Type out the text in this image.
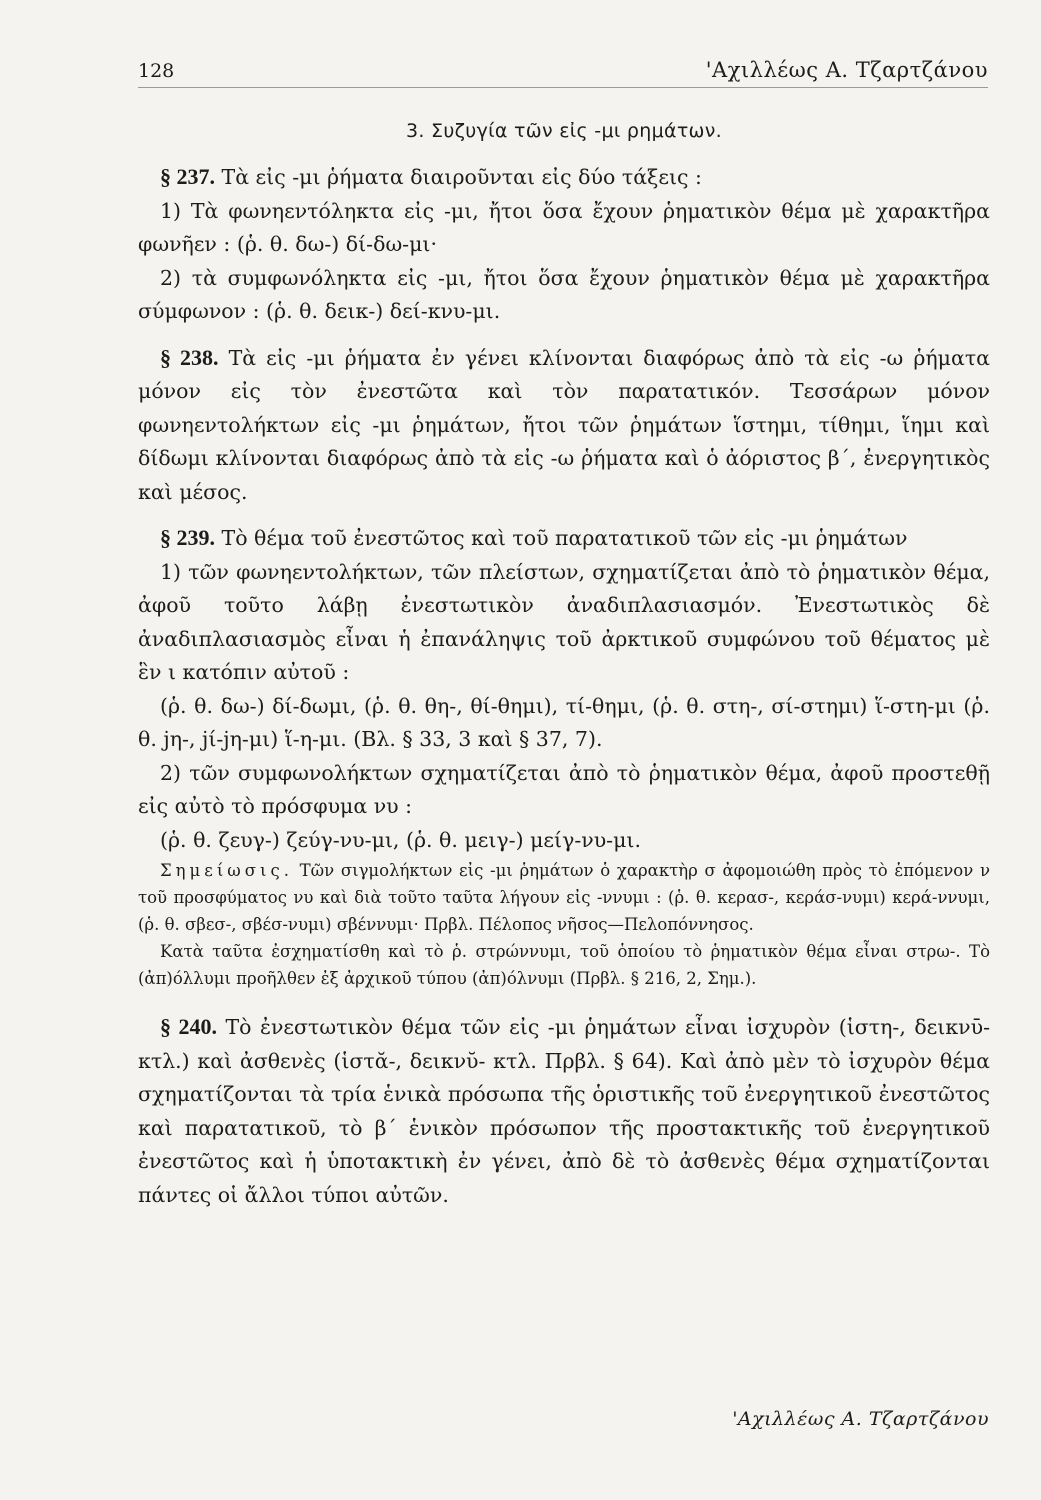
128	'Αχιλλέως Α. Τζαρτζάνου
3. Συζυγία τῶν εἰς -μι ρημάτων.

§ 237. Τὰ εἰς -μι ῥήματα διαιροῦνται εἰς δύο τάξεις :

1) Τὰ φωνηεντόληκτα εἰς -μι, ἤτοι ὅσα ἔχουν ῥηματικὸν θέμα μὲ χαρακτῆρα φωνῆεν : (ῥ. θ. δω-) δί-δω-μι·

2) τὰ συμφωνόληκτα εἰς -μι, ἤτοι ὅσα ἔχουν ῥηματικὸν θέμα μὲ χαρακτῆρα σύμφωνον : (ῥ. θ. δεικ-) δεί-κνυ-μι.

§ 238. Τὰ εἰς -μι ῥήματα ἐν γένει κλίνονται διαφόρως ἀπὸ τὰ εἰς -ω ῥήματα μόνον εἰς τὸν ἐνεστῶτα καὶ τὸν παρατατικόν. Τεσσάρων μόνον φωνηεντολήκτων εἰς -μι ῥημάτων, ἤτοι τῶν ῥημάτων ἵστημι, τίθημι, ἵημι καὶ δίδωμι κλίνονται διαφόρως ἀπὸ τὰ εἰς -ω ῥήματα καὶ ὁ ἀόριστος β΄, ἐνεργητικὸς καὶ μέσος.

§ 239. Τὸ θέμα τοῦ ἐνεστῶτος καὶ τοῦ παρατατικοῦ τῶν εἰς -μι ῥημάτων

1) τῶν φωνηεντολήκτων, τῶν πλείστων, σχηματίζεται ἀπὸ τὸ ῥηματικὸν θέμα, ἀφοῦ τοῦτο λάβῃ ἐνεστωτικὸν ἀναδιπλασιασμόν. Ἐνεστωτικὸς δὲ ἀναδιπλασιασμὸς εἶναι ἡ ἐπανάληψις τοῦ ἀρκτικοῦ συμφώνου τοῦ θέματος μὲ ἓν ι κατόπιν αὐτοῦ :

(ῥ. θ. δω-) δί-δωμι, (ῥ. θ. θη-, θί-θημι), τί-θημι, (ῥ. θ. στη-, σί-στημι) ἵ-στη-μι (ῥ. θ. jη-, jί-jη-μι) ἵ-η-μι. (Βλ. § 33, 3 καὶ § 37, 7).

2) τῶν συμφωνολήκτων σχηματίζεται ἀπὸ τὸ ῥηματικὸν θέμα, ἀφοῦ προστεθῇ εἰς αὐτὸ τὸ πρόσφυμα νυ :

(ῥ. θ. ζευγ-) ζεύγ-νυ-μι, (ῥ. θ. μειγ-) μείγ-νυ-μι.

Σημείωσις. Τῶν σιγμολήκτων εἰς -μι ῥημάτων ὁ χαρακτὴρ σ ἀφομοιώθη πρὸς τὸ ἑπόμενον ν τοῦ προσφύματος νυ καὶ διὰ τοῦτο ταῦτα λήγουν εἰς -ννυμι : (ῥ. θ. κερασ-, κεράσ-νυμι) κερά-ννυμι, (ῥ. θ. σβεσ-, σβέσ-νυμι) σβέννυμι· Πρβλ. Πέλοπος νῆσος—Πελοπόννησος.

Κατὰ ταῦτα ἐσχηματίσθη καὶ τὸ ῥ. στρώννυμι, τοῦ ὁποίου τὸ ῥηματικὸν θέμα εἶναι στρω-. Τὸ (ἀπ)όλλυμι προῆλθεν ἐξ ἀρχικοῦ τύπου (ἀπ)όλνυμι (Πρβλ. § 216, 2, Σημ.).

§ 240. Τὸ ἐνεστωτικὸν θέμα τῶν εἰς -μι ῥημάτων εἶναι ἰσχυρὸν (ἱστη-, δεικνῡ- κτλ.) καὶ ἀσθενὲς (ἱστᾰ-, δεικνῠ- κτλ. Πρβλ. § 64). Καὶ ἀπὸ μὲν τὸ ἰσχυρὸν θέμα σχηματίζονται τὰ τρία ἑνικὰ πρόσωπα τῆς ὁριστικῆς τοῦ ἐνεργητικοῦ ἐνεστῶτος καὶ παρατατικοῦ, τὸ β΄ ἑνικὸν πρόσωπον τῆς προστακτικῆς τοῦ ἐνεργητικοῦ ἐνεστῶτος καὶ ἡ ὑποτακτικὴ ἐν γένει, ἀπὸ δὲ τὸ ἀσθενὲς θέμα σχηματίζονται πάντες οἱ ἄλλοι τύποι αὐτῶν.

'Αχιλλέως Α. Τζαρτζάνου
